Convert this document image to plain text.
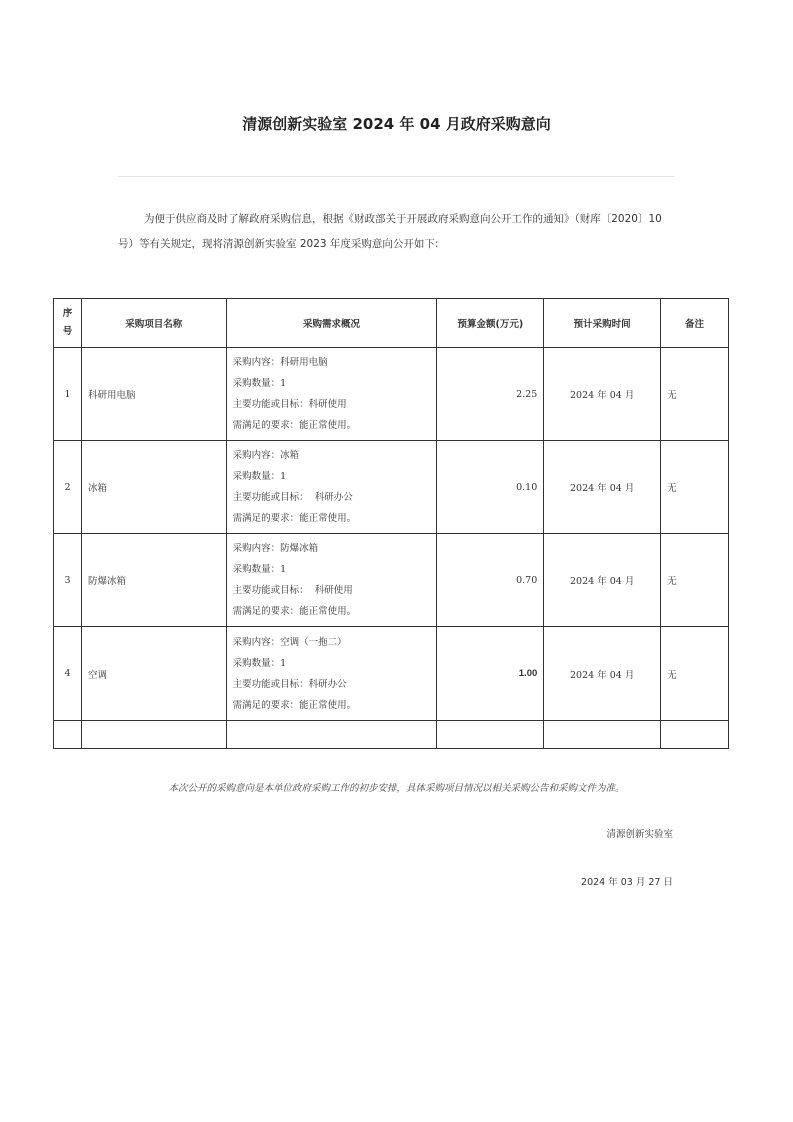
清源创新实验室 2024 年 04 月政府采购意向
为便于供应商及时了解政府采购信息，根据《财政部关于开展政府采购意向公开工作的通知》（财库〔2020〕10 号）等有关规定，现将清源创新实验室 2023 年度采购意向公开如下:
序
号	采购项目名称	采购需求概况	预算金额(万元)	预计采购时间	备注
1	科研用电脑	采购内容：科研用电脑
采购数量：1
主要功能或目标：科研使用
需满足的要求：能正常使用。	2.25	2024 年 04 月	无
2	冰箱	采购内容：冰箱
采购数量：1
主要功能或目标：  科研办公
需满足的要求：能正常使用。	0.10	2024 年 04 月	无
3	防爆冰箱	采购内容：防爆冰箱
采购数量：1
主要功能或目标：  科研使用
需满足的要求：能正常使用。	0.70	2024 年 04 月	无
4	空调	采购内容：空调（一拖二）
采购数量：1
主要功能或目标：科研办公
需满足的要求：能正常使用。	1.00	2024 年 04 月	无

本次公开的采购意向是本单位政府采购工作的初步安排，具体采购项目情况以相关采购公告和采购文件为准。
清源创新实验室
2024 年 03 月 27 日
